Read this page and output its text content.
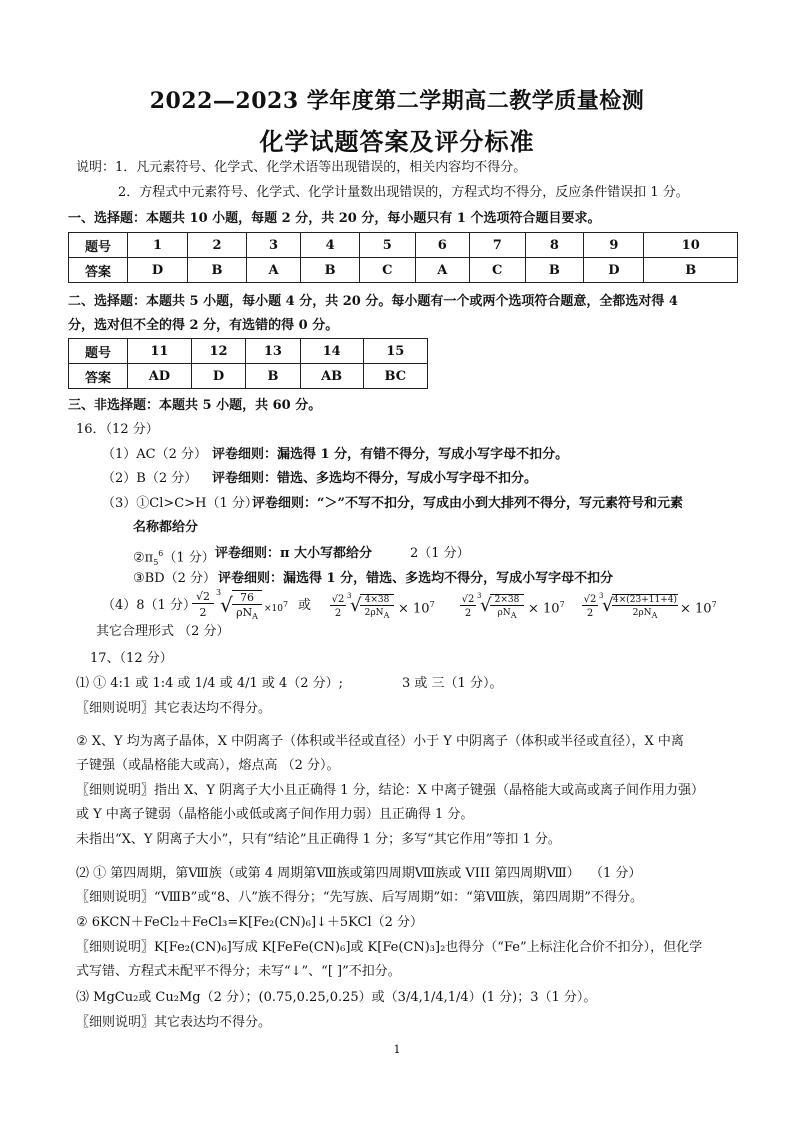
2022—2023 学年度第二学期高二教学质量检测
化学试题答案及评分标准
说明：1．凡元素符号、化学式、化学术语等出现错误的，相关内容均不得分。
2．方程式中元素符号、化学式、化学计量数出现错误的，方程式均不得分，反应条件错误扣 1 分。
一、选择题：本题共 10 小题，每题 2 分，共 20 分，每小题只有 1 个选项符合题目要求。
题号	1	2	3	4	5	6	7	8	9	10
答案	D	B	A	B	C	A	C	B	D	B
二、选择题：本题共 5 小题，每小题 4 分，共 20 分。每小题有一个或两个选项符合题意，全都选对得 4
分，选对但不全的得 2 分，有选错的得 0 分。
题号	11	12	13	14	15
答案	AD	D	B	AB	BC
三、非选择题：本题共 5 小题，共 60 分。
16．（12 分）
（1）AC（2 分） 评卷细则：漏选得 1 分，有错不得分，写成小写字母不扣分。
（2）B（2 分） 评卷细则：错选、多选均不得分，写成小写字母不扣分。
（3）①Cl>C>H（1 分）
评卷细则：“＞”不写不扣分，写成由小到大排列不得分，写元素符号和元素
名称都给分
$②\pi_5^6(1$ 分） 评卷细则：π 大小写都给分	2（1 分）
③BD（2 分） 评卷细则：漏选得 1 分，错选、多选均不得分，写成小写字母不扣分
（4）8（1 分）
√2
2
3
√ 76
$\rho N_A$
$\times 10^7$ 或 √2
2
3
√ 4×38
$2\rho N_A \times 10^7$	√2
2
3
√ 2×38
$\rho N_A \times 10^7$ √2
2
3
√ 4×(23+11+4)
$2\rho N_A$	× $10^7$
其它合理形式 （2 分）
17、（12 分）
⑴ ① 4:1 或 1:4 或 1/4 或 4/1 或 4（2 分）;	3 或 三（1 分）。
〖细则说明〗其它表达均不得分。
② X、Y 均为离子晶体，X 中阴离子（体积或半径或直径）小于 Y 中阴离子（体积或半径或直径），X 中离
子键强（或晶格能大或高），熔点高 （2 分）。
〖细则说明〗指出 X、Y 阴离子大小且正确得 1 分，结论：X 中离子键强（晶格能大或高或离子间作用力强）
或 Y 中离子键弱（晶格能小或低或离子间作用力弱）且正确得 1 分。
未指出“X、Y 阴离子大小”，只有“结论”且正确得 1 分；多写“其它作用”等扣 1 分。
⑵ ① 第四周期，第Ⅷ族（或第 4 周期第Ⅷ族或第四周期Ⅷ族或 VIII 第四周期Ⅷ） （1 分）
〖细则说明〗“ⅧB”或“8、八”族不得分；“先写族、后写周期”如：“第Ⅷ族，第四周期”不得分。
② 6KCN＋FeCl₂＋FeCl₃=K[Fe₂(CN)₆]↓＋5KCl（2 分）
〖细则说明〗K[Fe₂(CN)₆]写成 K[FeFe(CN)₆]或 K[Fe(CN)₃]₂也得分（“Fe”上标注化合价不扣分），但化学
式写错、方程式未配平不得分；未写“↓”、“[ ]”不扣分。
⑶ MgCu₂或 Cu₂Mg（2 分）；(0.75,0.25,0.25）或（3/4,1/4,1/4）(1 分)；3（1 分）。
〖细则说明〗其它表达均不得分。
1
